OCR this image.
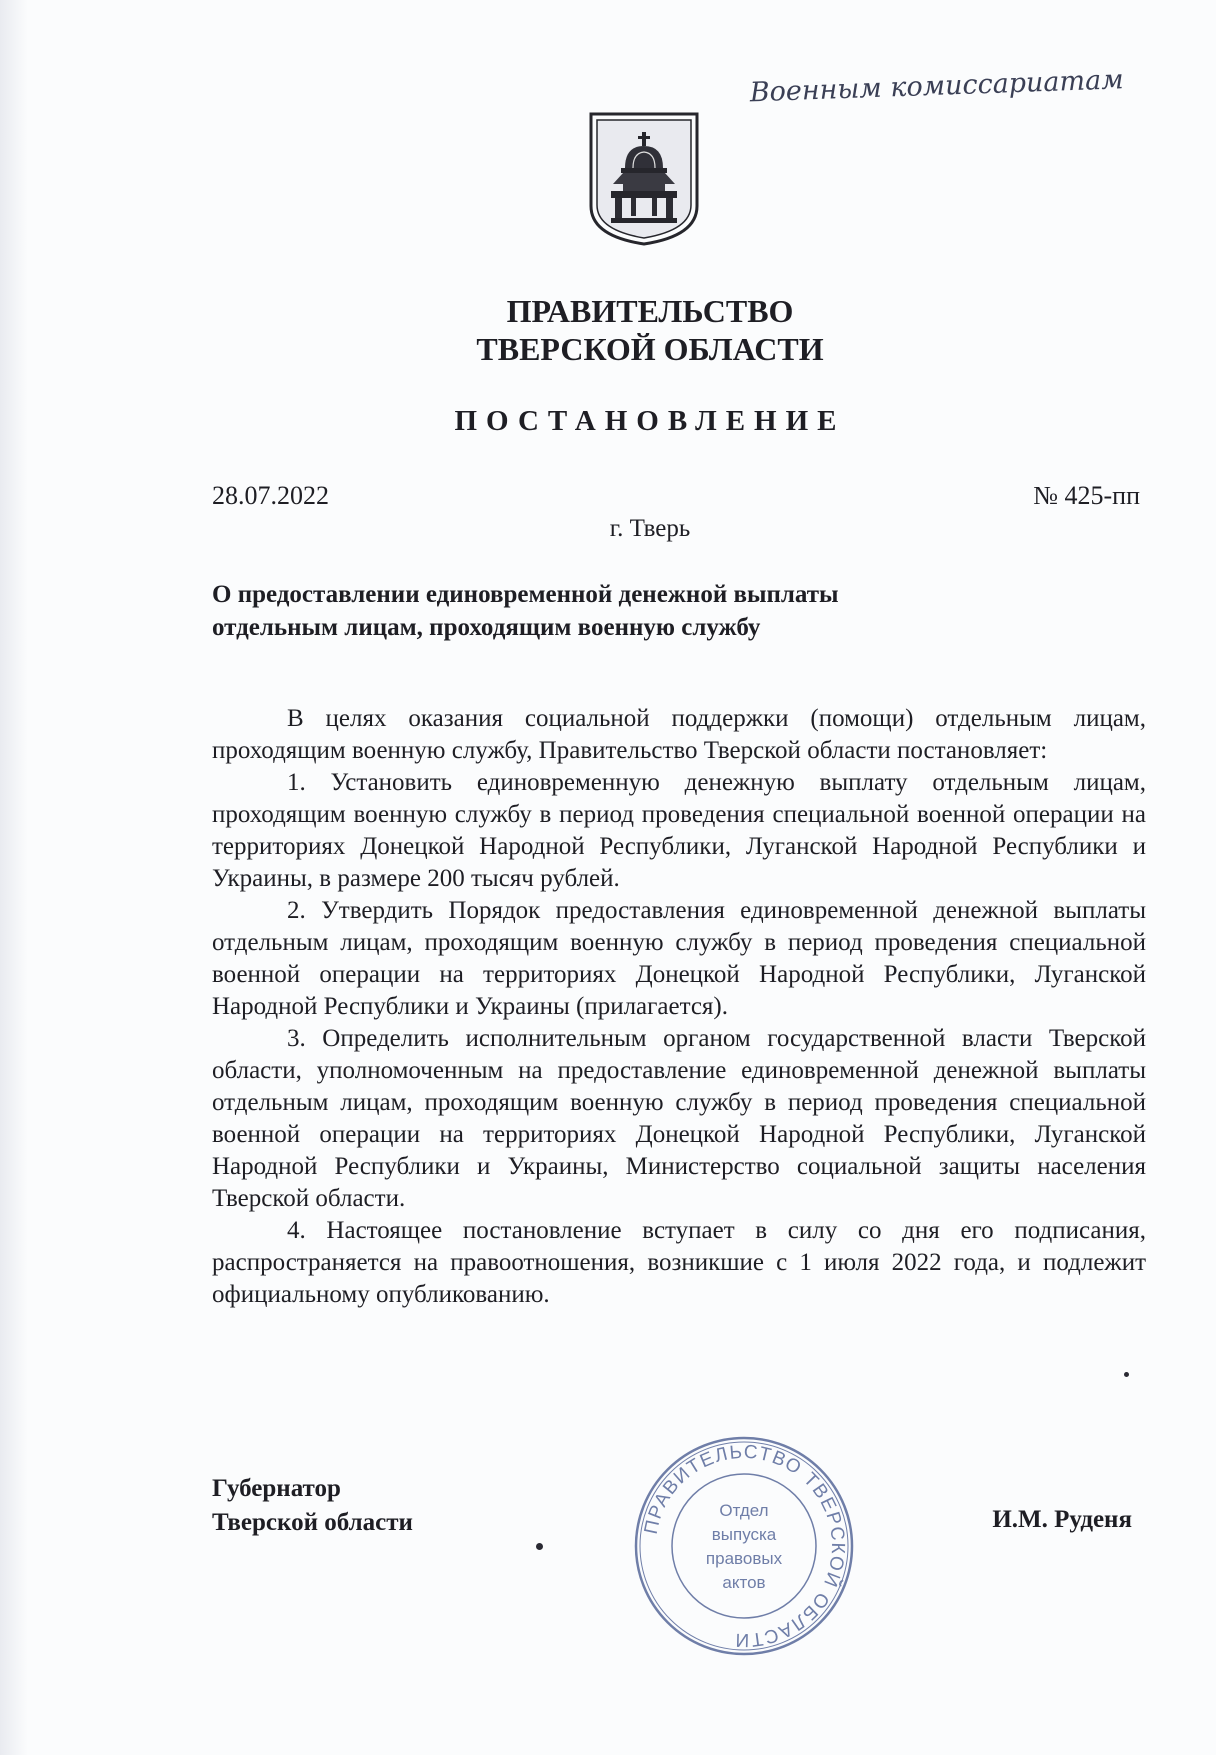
Военным комиссариатам
ПРАВИТЕЛЬСТВО
ТВЕРСКОЙ ОБЛАСТИ
ПОСТАНОВЛЕНИЕ
28.07.2022	№ 425-пп
г. Тверь
О предоставлении единовременной денежной выплаты
отдельным лицам, проходящим военную службу

В целях оказания социальной поддержки (помощи) отдельным лицам, проходящим военную службу, Правительство Тверской области постановляет:

1. Установить единовременную денежную выплату отдельным лицам, проходящим военную службу в период проведения специальной военной операции на территориях Донецкой Народной Республики, Луганской Народной Республики и Украины, в размере 200 тысяч рублей.

2. Утвердить Порядок предоставления единовременной денежной выплаты отдельным лицам, проходящим военную службу в период проведения специальной военной операции на территориях Донецкой Народной Республики, Луганской Народной Республики и Украины (прилагается).

3. Определить исполнительным органом государственной власти Тверской области, уполномоченным на предоставление единовременной денежной выплаты отдельным лицам, проходящим военную службу в период проведения специальной военной операции на территориях Донецкой Народной Республики, Луганской Народной Республики и Украины, Министерство социальной защиты населения Тверской области.

4. Настоящее постановление вступает в силу со дня его подписания, распространяется на правоотношения, возникшие с 1 июля 2022 года, и подлежит официальному опубликованию.

Губернатор
Тверской области	И.М. Руденя
ПРАВИТЕЛЬСТВО ТВЕРСКОЙ ОБЛАСТИ
Отдел
выпуска
правовых
актов
